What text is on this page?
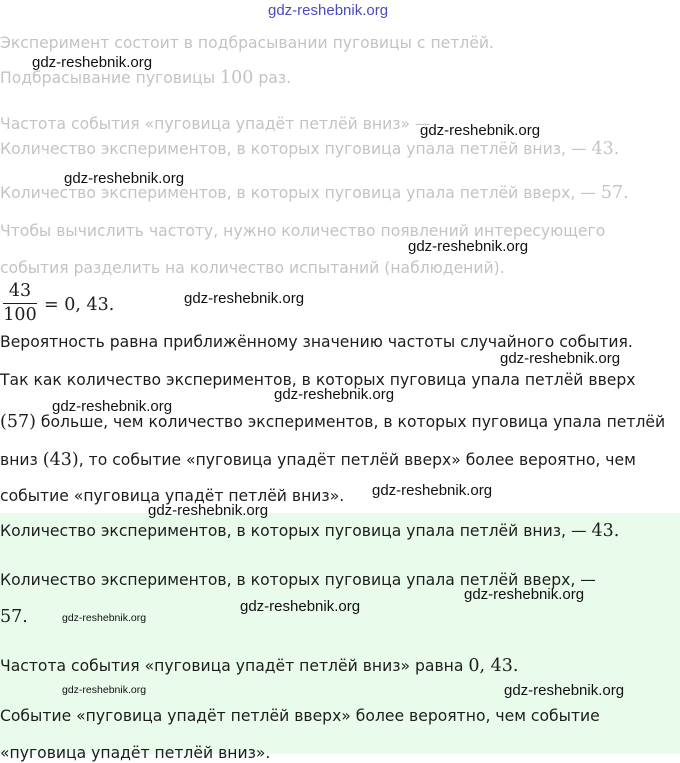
gdz-reshebnik.org
Эксперимент состоит в подбрасывании пуговицы с петлёй.
Подбрасывание пуговицы 100 раз.
Частота события «пуговица упадёт петлёй вниз» —
Количество экспериментов, в которых пуговица упала петлёй вниз, — 43.
Количество экспериментов, в которых пуговица упала петлёй вверх, — 57.
Чтобы вычислить частоту, нужно количество появлений интересующего
события разделить на количество испытаний (наблюдений).
43
100
= 0, 43.
Вероятность равна приближённому значению частоты случайного события.
Так как количество экспериментов, в которых пуговица упала петлёй вверх
(57) больше, чем количество экспериментов, в которых пуговица упала петлёй
вниз (43), то событие «пуговица упадёт петлёй вверх» более вероятно, чем
событие «пуговица упадёт петлёй вниз».
Количество экспериментов, в которых пуговица упала петлёй вниз, — 43.
Количество экспериментов, в которых пуговица упала петлёй вверх, —
57.
Частота события «пуговица упадёт петлёй вниз» равна 0, 43.
Событие «пуговица упадёт петлёй вверх» более вероятно, чем событие
«пуговица упадёт петлёй вниз».
gdz-reshebnik.org
gdz-reshebnik.org
gdz-reshebnik.org
gdz-reshebnik.org
gdz-reshebnik.org
gdz-reshebnik.org
gdz-reshebnik.org
gdz-reshebnik.org
gdz-reshebnik.org
gdz-reshebnik.org
gdz-reshebnik.org
gdz-reshebnik.org
gdz-reshebnik.org
gdz-reshebnik.org	gdz-reshebnik.org
